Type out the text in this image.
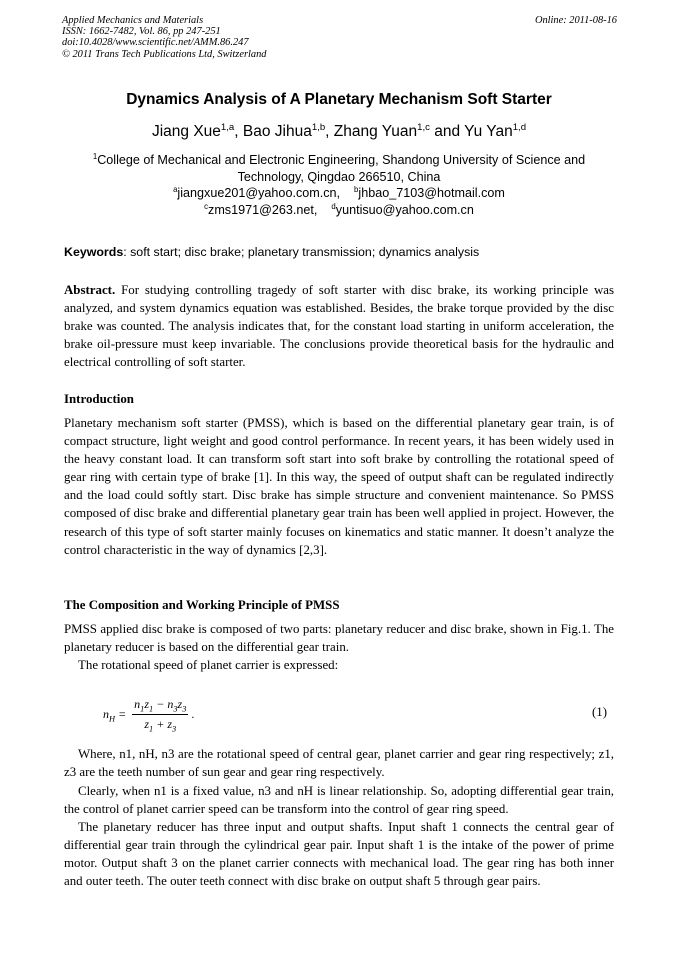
Applied Mechanics and Materials
ISSN: 1662-7482, Vol. 86, pp 247-251
doi:10.4028/www.scientific.net/AMM.86.247
© 2011 Trans Tech Publications Ltd, Switzerland
Online: 2011-08-16
Dynamics Analysis of A Planetary Mechanism Soft Starter
Jiang Xue$^{1,a}$, Bao Jihua$^{1,b}$, Zhang Yuan$^{1,c}$ and Yu Yan$^{1,d}$
$^1$College of Mechanical and Electronic Engineering, Shandong University of Science and
Technology, Qingdao 266510, China
$^a$jiangxue201@yahoo.com.cn, $^b$jhbao_7103@hotmail.com
$^c$zms1971@263.net, $^d$yuntisuo@yahoo.com.cn
Keywords: soft start; disc brake; planetary transmission; dynamics analysis
Abstract. For studying controlling tragedy of soft starter with disc brake, its working principle was analyzed, and system dynamics equation was established. Besides, the brake torque provided by the disc brake was counted. The analysis indicates that, for the constant load starting in uniform acceleration, the brake oil-pressure must keep invariable. The conclusions provide theoretical basis for the hydraulic and electrical controlling of soft starter.
Introduction
Planetary mechanism soft starter (PMSS), which is based on the differential planetary gear train, is of compact structure, light weight and good control performance. In recent years, it has been widely used in the heavy constant load. It can transform soft start into soft brake by controlling the rotational speed of gear ring with certain type of brake [1]. In this way, the speed of output shaft can be regulated indirectly and the load could softly start. Disc brake has simple structure and convenient maintenance. So PMSS composed of disc brake and differential planetary gear train has been well applied in project. However, the research of this type of soft starter mainly focuses on kinematics and static manner. It doesn’t analyze the control characteristic in the way of dynamics [2,3].
The Composition and Working Principle of PMSS
PMSS applied disc brake is composed of two parts: planetary reducer and disc brake, shown in Fig.1. The planetary reducer is based on the differential gear train.
The rotational speed of planet carrier is expressed:
$n_H = \frac{n_1z_1 - n_3z_3}{z_1 + z_3}$ .	(1)
Where, n1, nH, n3 are the rotational speed of central gear, planet carrier and gear ring respectively; z1, z3 are the teeth number of sun gear and gear ring respectively.
Clearly, when n1 is a fixed value, n3 and nH is linear relationship. So, adopting differential gear train, the control of planet carrier speed can be transform into the control of gear ring speed.
The planetary reducer has three input and output shafts. Input shaft 1 connects the central gear of differential gear train through the cylindrical gear pair. Input shaft 1 is the intake of the power of prime motor. Output shaft 3 on the planet carrier connects with mechanical load. The gear ring has both inner and outer teeth. The outer teeth connect with disc brake on output shaft 5 through gear pairs.
